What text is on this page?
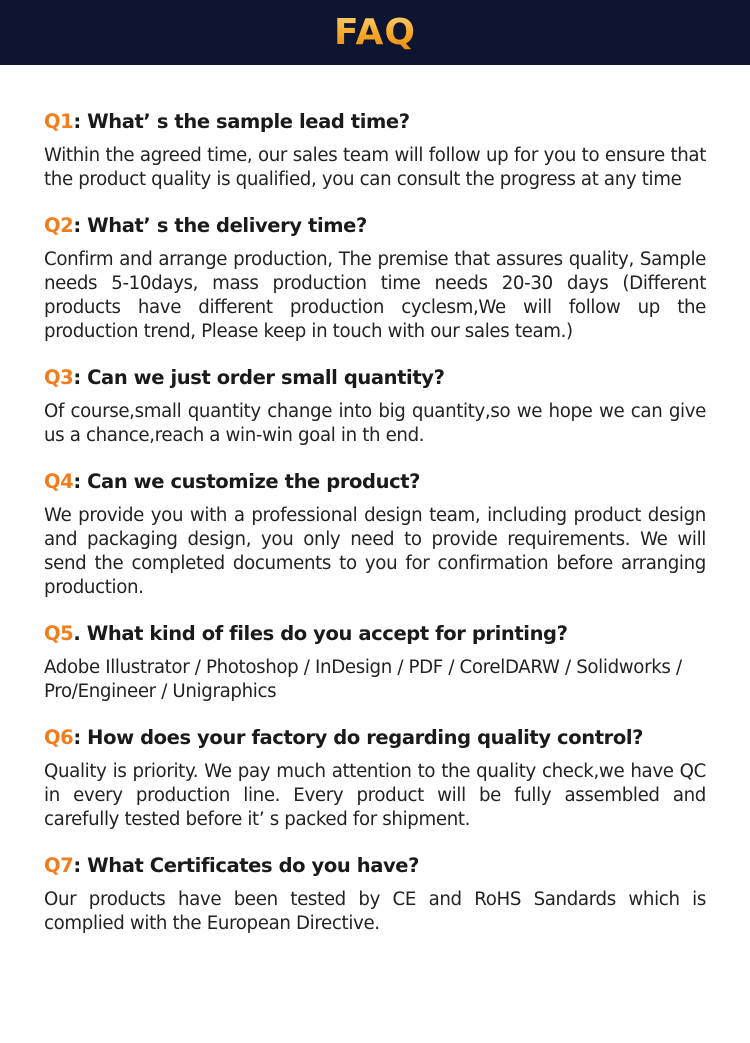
FAQ

Q1: What’ s the sample lead time?

Within the agreed time, our sales team will follow up for you to ensure that the product quality is qualified, you can consult the progress at any time

Q2: What’ s the delivery time?

Confirm and arrange production, The premise that assures quality, Sample needs 5-10days, mass production time needs 20-30 days (Different products have different production cyclesm,We will follow up the production trend, Please keep in touch with our sales team.)

Q3: Can we just order small quantity?

Of course,small quantity change into big quantity,so we hope we can give us a chance,reach a win-win goal in th end.

Q4: Can we customize the product?

We provide you with a professional design team, including product design and packaging design, you only need to provide requirements. We will send the completed documents to you for confirmation before arranging production.

Q5. What kind of files do you accept for printing?

Adobe Illustrator / Photoshop / InDesign / PDF / CorelDARW / Solidworks / Pro/Engineer / Unigraphics

Q6: How does your factory do regarding quality control?

Quality is priority. We pay much attention to the quality check,we have QC in every production line. Every product will be fully assembled and carefully tested before it’ s packed for shipment.

Q7: What Certificates do you have?

Our products have been tested by CE and RoHS Sandards which is complied with the European Directive.
